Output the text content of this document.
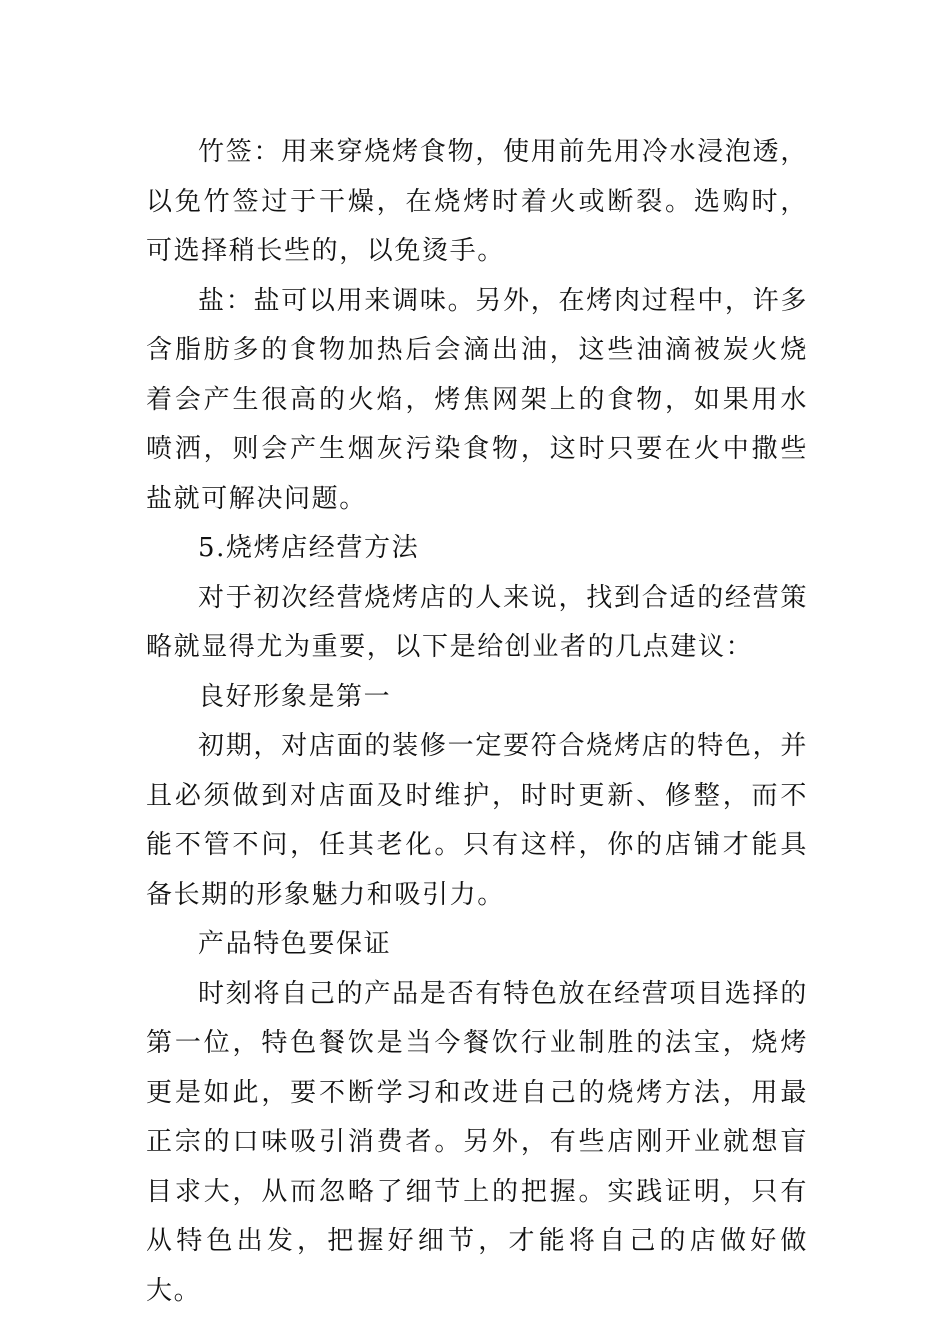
竹签：用来穿烧烤食物，使用前先用冷水浸泡透，以免竹签过于干燥，在烧烤时着火或断裂。选购时，可选择稍长些的，以免烫手。

盐：盐可以用来调味。另外，在烤肉过程中，许多含脂肪多的食物加热后会滴出油，这些油滴被炭火烧着会产生很高的火焰，烤焦网架上的食物，如果用水喷洒，则会产生烟灰污染食物，这时只要在火中撒些盐就可解决问题。

5.烧烤店经营方法

对于初次经营烧烤店的人来说，找到合适的经营策略就显得尤为重要，以下是给创业者的几点建议：

良好形象是第一

初期，对店面的装修一定要符合烧烤店的特色，并且必须做到对店面及时维护，时时更新、修整，而不能不管不问，任其老化。只有这样，你的店铺才能具备长期的形象魅力和吸引力。

产品特色要保证

时刻将自己的产品是否有特色放在经营项目选择的第一位，特色餐饮是当今餐饮行业制胜的法宝，烧烤更是如此，要不断学习和改进自己的烧烤方法，用最正宗的口味吸引消费者。另外，有些店刚开业就想盲目求大，从而忽略了细节上的把握。实践证明，只有从特色出发，把握好细节，才能将自己的店做好做大。
